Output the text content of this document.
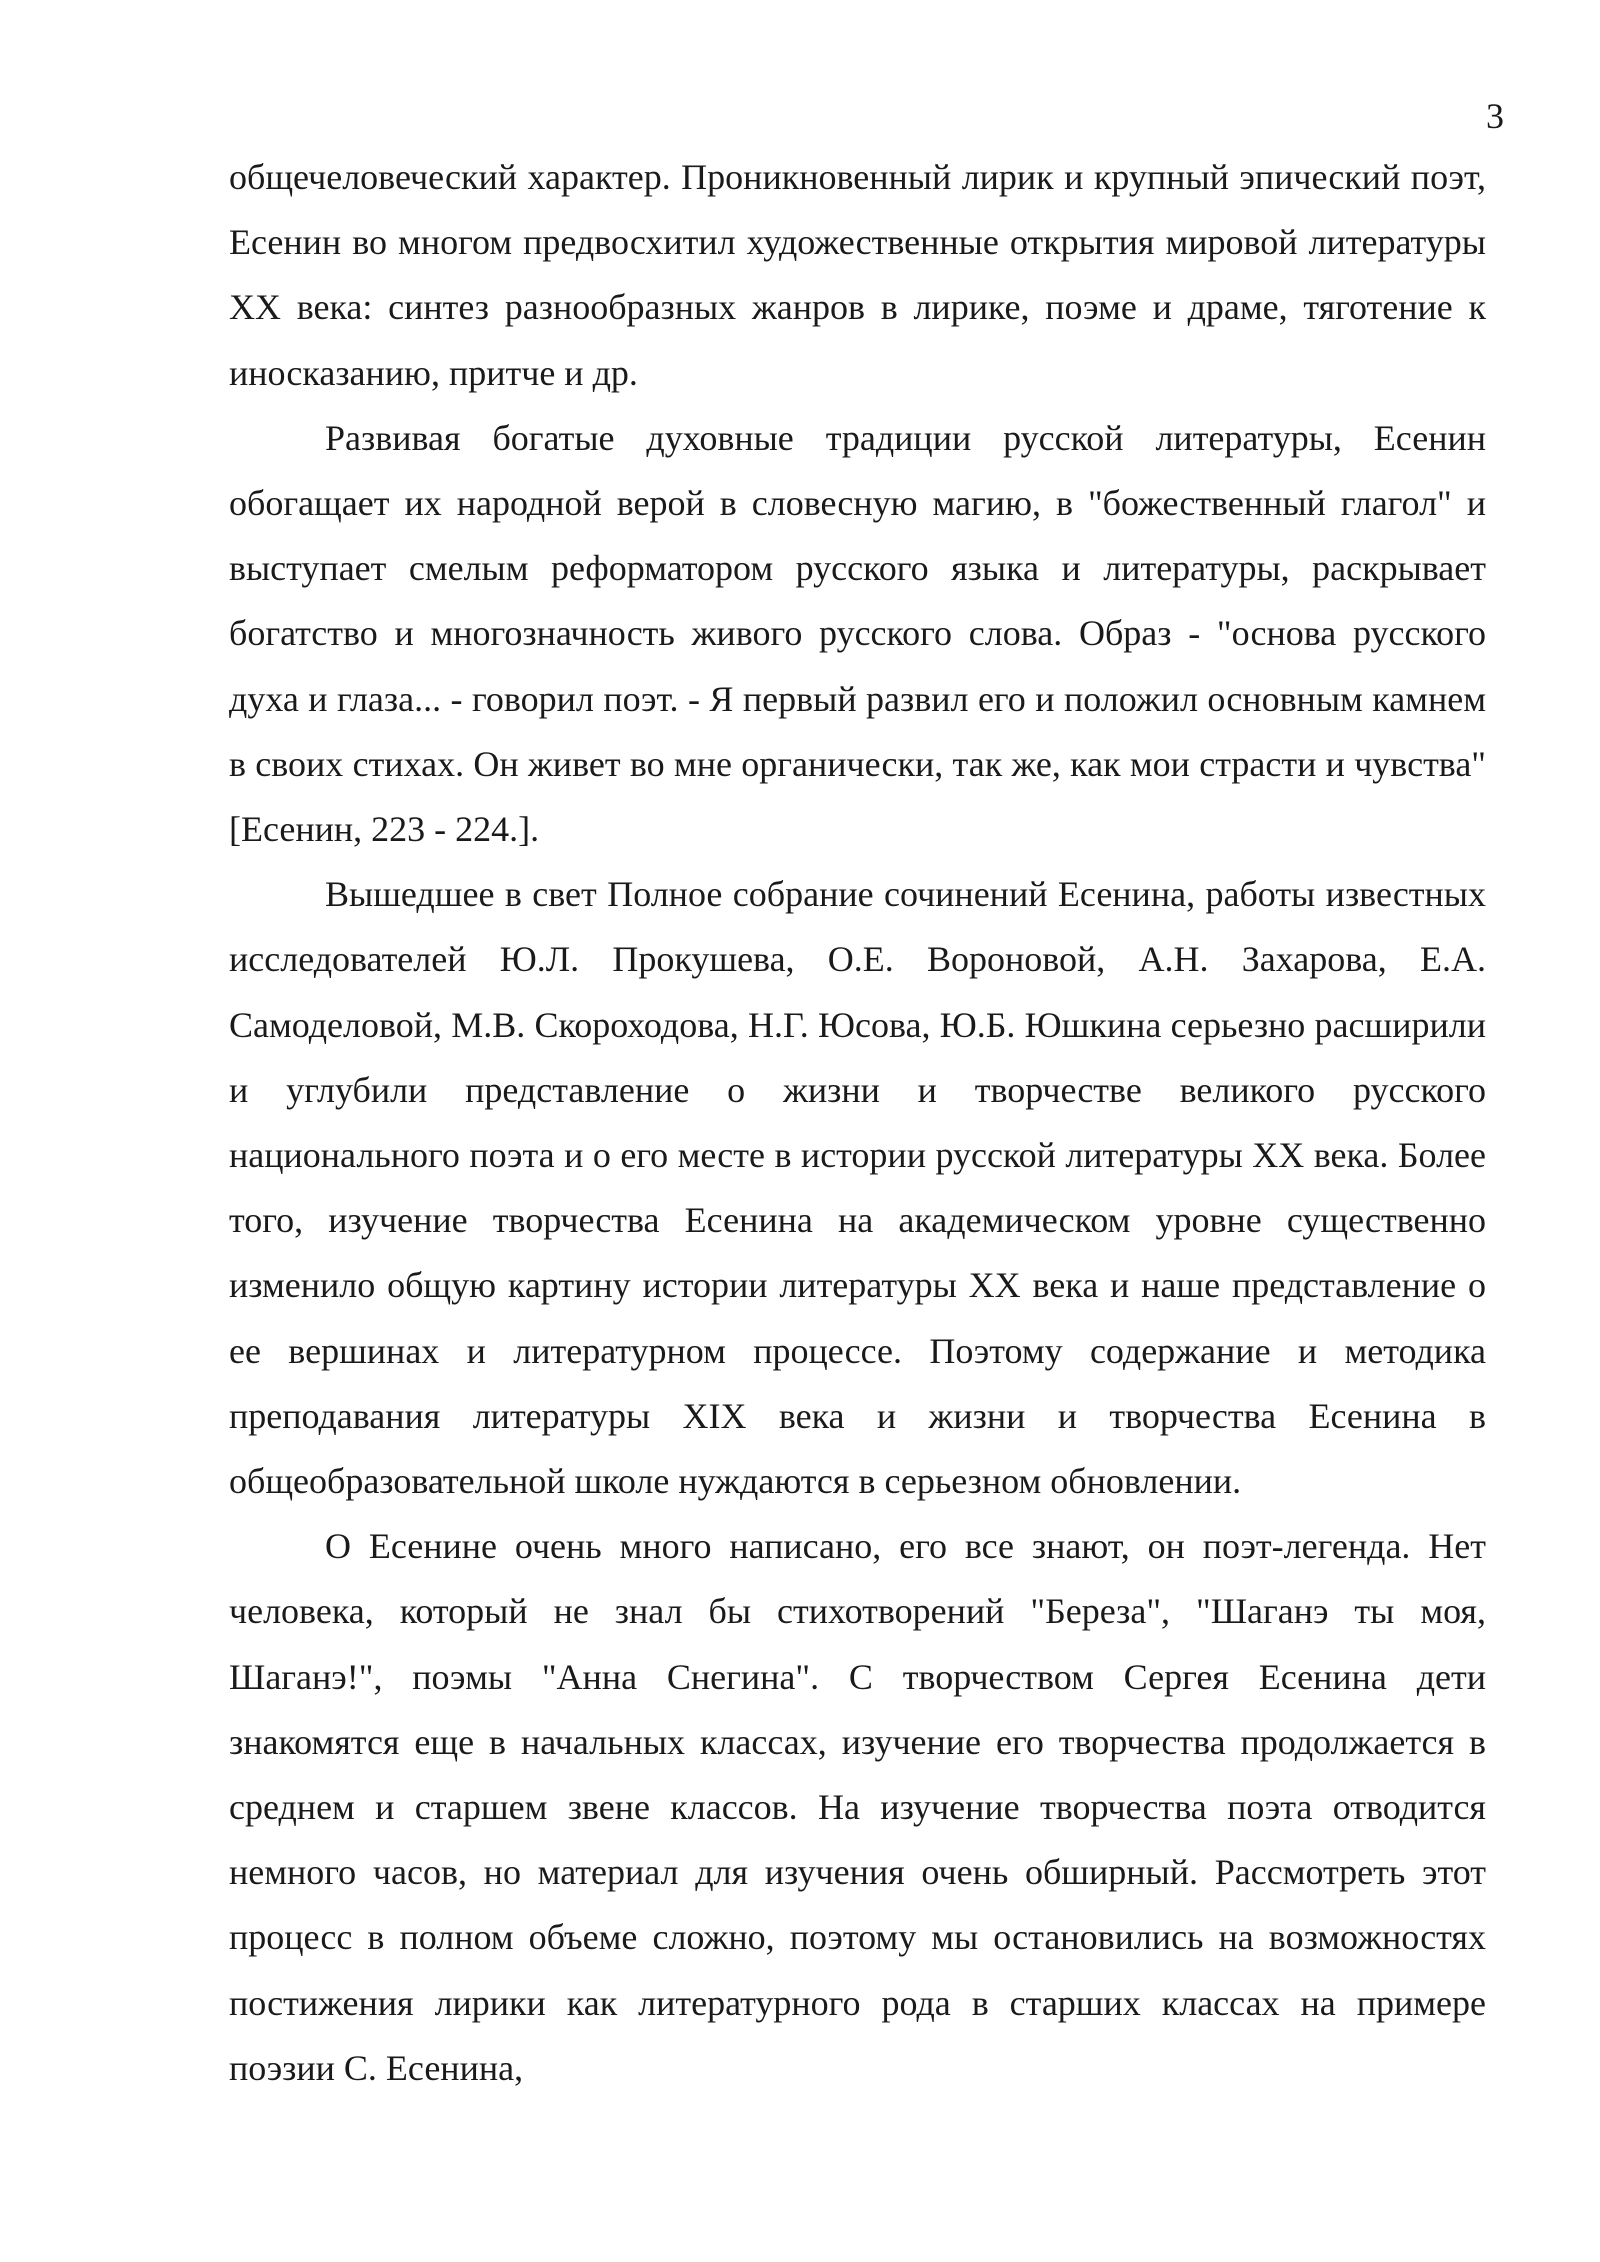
3

общечеловеческий характер. Проникновенный лирик и крупный эпический поэт, Есенин во многом предвосхитил художественные открытия мировой литературы XX века: синтез разнообразных жанров в лирике, поэме и драме, тяготение к иносказанию, притче и др.

Развивая богатые духовные традиции русской литературы, Есенин обогащает их народной верой в словесную магию, в "божественный глагол" и выступает смелым реформатором русского языка и литературы, раскрывает богатство и многозначность живого русского слова. Образ - "основа русского духа и глаза... - говорил поэт. - Я первый развил его и положил основным камнем в своих стихах. Он живет во мне органически, так же, как мои страсти и чувства" [Есенин, 223 - 224.].

Вышедшее в свет Полное собрание сочинений Есенина, работы известных исследователей Ю.Л. Прокушева, О.Е. Вороновой, А.Н. Захарова, Е.А. Самоделовой, М.В. Скороходова, Н.Г. Юсова, Ю.Б. Юшкина серьезно расширили и углубили представление о жизни и творчестве великого русского национального поэта и о его месте в истории русской литературы XX века. Более того, изучение творчества Есенина на академическом уровне существенно изменило общую картину истории литературы XX века и наше представление о ее вершинах и литературном процессе. Поэтому содержание и методика преподавания литературы XIX века и жизни и творчества Есенина в общеобразовательной школе нуждаются в серьезном обновлении.

О Есенине очень много написано, его все знают, он поэт-легенда. Нет человека, который не знал бы стихотворений "Береза", "Шаганэ ты моя, Шаганэ!", поэмы "Анна Снегина". С творчеством Сергея Есенина дети знакомятся еще в начальных классах, изучение его творчества продолжается в среднем и старшем звене классов. На изучение творчества поэта отводится немного часов, но материал для изучения очень обширный. Рассмотреть этот процесс в полном объеме сложно, поэтому мы остановились на возможностях постижения лирики как литературного рода в старших классах на примере поэзии С. Есенина,
